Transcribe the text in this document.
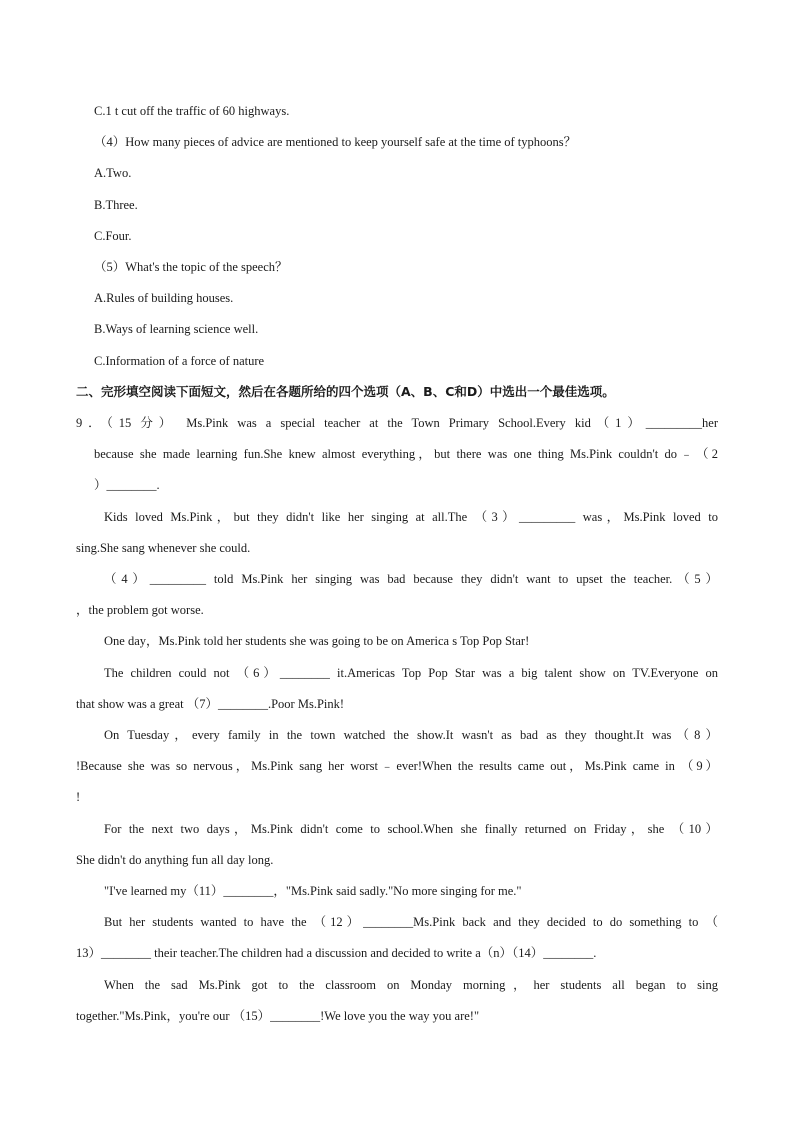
C.1 t cut off the traffic of 60 highways.
（4）How many pieces of advice are mentioned to keep yourself safe at the time of typhoons？
A.Two.
B.Three.
C.Four.
（5）What's the topic of the speech？
A.Rules of building houses.
B.Ways of learning science well.
C.Information of a force of nature
二、完形填空阅读下面短文，然后在各题所给的四个选项（A、B、C和D）中选出一个最佳选项。
9．（15 分） Ms.Pink was a special teacher at the Town Primary School.Every kid（1）_________her
because she made learning fun.She knew almost everything，but there was one thing Ms.Pink couldn't do﹣（2
）________.
Kids loved Ms.Pink，but they didn't like her singing at all.The （3）_________ was，Ms.Pink loved to
sing.She sang whenever she could.
（4）_________ told Ms.Pink her singing was bad because they didn't want to upset the teacher.（5）
，the problem got worse.
One day，Ms.Pink told her students she was going to be on America s Top Pop Star!
The children could not （6）________ it.Americas Top Pop Star was a big talent show on TV.Everyone on
that show was a great （7）________.Poor Ms.Pink!
On Tuesday，every family in the town watched the show.It wasn't as bad as they thought.It was（8）
!Because she was so nervous，Ms.Pink sang her worst﹣ever!When the results came out，Ms.Pink came in （9）
!
For the next two days，Ms.Pink didn't come to school.When she finally returned on Friday，she （10）
She didn't do anything fun all day long.
"I've learned my（11）________，"Ms.Pink said sadly."No more singing for me."
But her students wanted to have the （12）________Ms.Pink back and they decided to do something to （
13）________ their teacher.The children had a discussion and decided to write a（n）（14）________.
When the sad Ms.Pink got to the classroom on Monday morning，her students all began to sing
together."Ms.Pink，you're our （15）________!We love you the way you are!"
